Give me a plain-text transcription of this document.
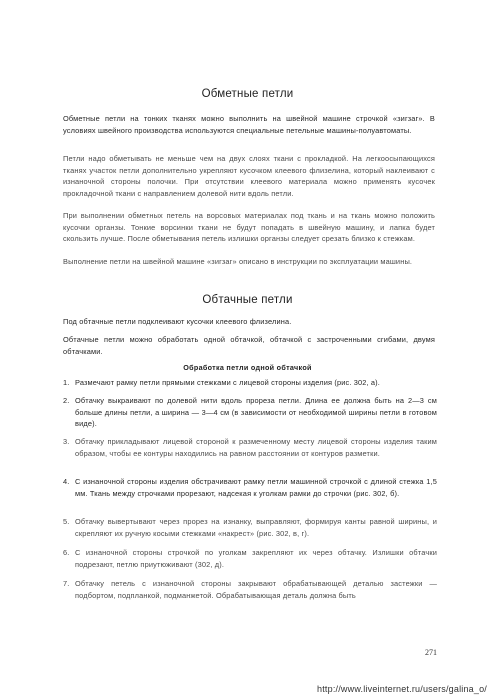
Обметные петли

Обметные петли на тонких тканях можно выполнить на швейной машине строчкой «зигзаг». В условиях швейного производства используются специальные петельные машины-полуавтоматы.

Петли надо обметывать не меньше чем на двух слоях ткани с прокладкой. На легкоосыпающихся тканях участок петли дополнительно укрепляют кусочком клеевого флизелина, который наклеивают с изнаночной стороны полочки. При отсутствии клеевого материала можно применять кусочек прокладочной ткани с направлением долевой нити вдоль петли.

При выполнении обметных петель на ворсовых материалах под ткань и на ткань можно положить кусочки органзы. Тонкие ворсинки ткани не будут попадать в швейную машину, и лапка будет скользить лучше. После обметывания петель излишки органзы следует срезать близко к стежкам.

Выполнение петли на швейной машине «зигзаг» описано в инструкции по эксплуатации машины.

Обтачные петли

Под обтачные петли подклеивают кусочки клеевого флизелина.

Обтачные петли можно обработать одной обтачкой, обтачкой с застроченными сгибами, двумя обтачками.

Обработка петли одной обтачкой
1. Размечают рамку петли прямыми стежками с лицевой стороны изделия (рис. 302, а).
2. Обтачку выкраивают по долевой нити вдоль прореза петли. Длина ее должна быть на 2—3 см больше длины петли, а ширина — 3—4 см (в зависимости от необходимой ширины петли в готовом виде).
3. Обтачку прикладывают лицевой стороной к размеченному месту лицевой стороны изделия таким образом, чтобы ее контуры находились на равном расстоянии от контуров разметки.
4. С изнаночной стороны изделия обстрачивают рамку петли машинной строчкой с длиной стежка 1,5 мм. Ткань между строчками прорезают, надсекая к уголкам рамки до строчки (рис. 302, б).
5. Обтачку вывертывают через прорез на изнанку, выправляют, формируя канты равной ширины, и скрепляют их ручную косыми стежками «накрест» (рис. 302, в, г).
6. С изнаночной стороны строчкой по уголкам закрепляют их через обтачку. Излишки обтачки подрезают, петлю приутюживают (302, д).
7. Обтачку петель с изнаночной стороны закрывают обрабатывающей деталью застежки — подбортом, подпланкой, подманжетой. Обрабатывающая деталь должна быть
271
http://www.liveinternet.ru/users/galina_o/
